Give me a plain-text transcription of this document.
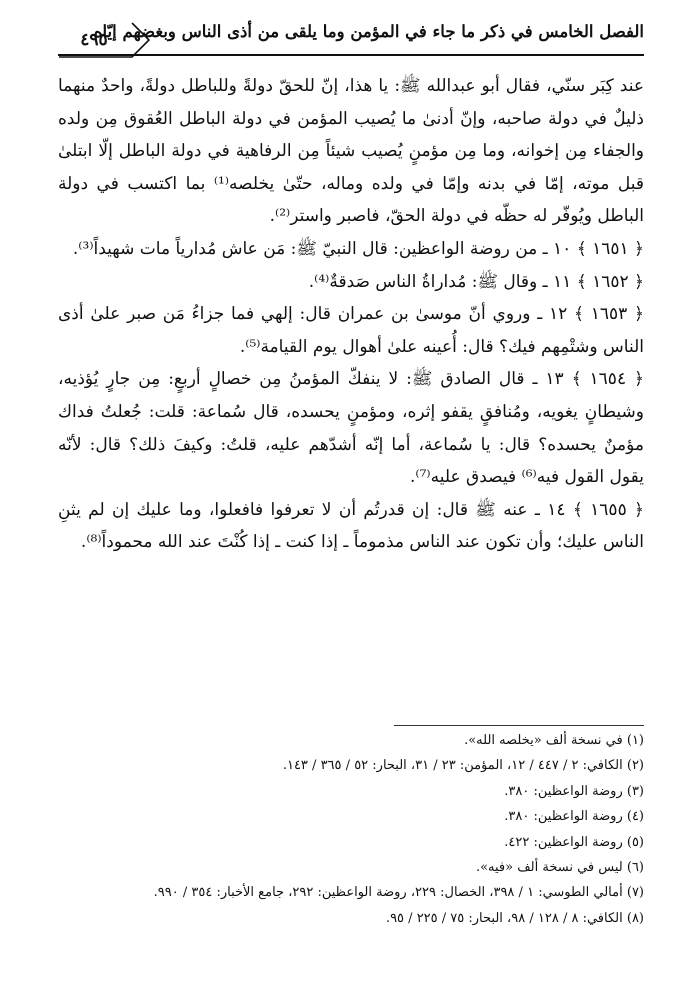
٤٩٥
الفصل الخامس في ذكر ما جاء في المؤمن وما يلقى من أذى الناس وبغضهم إيّاه

عند كِبَر سنّي، فقال أبو عبدالله ﷺ: يا هذا، إنّ للحقّ دولةً وللباطل دولةً، واحدٌ منهما ذليلٌ في دولة صاحبه، وإنّ أدنىٰ ما يُصيب المؤمن في دولة الباطل العُقوق مِن ولده والجفاء مِن إخوانه، وما مِن مؤمنٍ يُصيب شيئاً مِن الرفاهية في دولة الباطل إلّا ابتلىٰ قبل موته، إمّا في بدنه وإمّا في ولده وماله، حتّىٰ يخلصه⁽¹⁾ بما اكتسب في دولة الباطل ويُوفّر له حظّه في دولة الحقّ، فاصبر واستر⁽²⁾.

﴿ ١٦٥١ ﴾ ١٠ ـ من روضة الواعظين: قال النبيّ ﷺ: مَن عاش مُدارياً مات شهيداً⁽³⁾.

﴿ ١٦٥٢ ﴾ ١١ ـ وقال ﷺ: مُداراةُ الناس صَدقةٌ⁽⁴⁾.

﴿ ١٦٥٣ ﴾ ١٢ ـ وروي أنّ موسىٰ بن عمران قال: إلهي فما جزاءُ مَن صبر علىٰ أذى الناس وشتْمِهم فيك؟ قال: أُعينه علىٰ أهوال يوم القيامة⁽⁵⁾.

﴿ ١٦٥٤ ﴾ ١٣ ـ قال الصادق ﷺ: لا ينفكّ المؤمنُ مِن خصالٍ أربعٍ: مِن جارٍ يُؤذيه، وشيطانٍ يغويه، ومُنافقٍ يقفو إثره، ومؤمنٍ يحسده، قال سُماعة: قلت: جُعلتُ فداك مؤمنٌ يحسده؟ قال: يا سُماعة، أما إنّه أشدّهم عليه، قلتُ: وكيفَ ذلك؟ قال: لأنّه يقول القول فيه⁽⁶⁾ فيصدق عليه⁽⁷⁾.

﴿ ١٦٥٥ ﴾ ١٤ ـ عنه ﷺ قال: إن قدرتُم أن لا تعرفوا فافعلوا، وما عليك إن لم يثنِ الناس عليك؛ وأن تكون عند الناس مذموماً ـ إذا كنت ـ إذا كُنْتَ عند الله محموداً⁽⁸⁾.

(١) في نسخة ألف «يخلصه الله».

(٢) الكافي: ٢ / ٤٤٧ / ١٢، المؤمن: ٢٣ / ٣١، البحار: ٥٢ / ٣٦٥ / ١٤٣.

(٣) روضة الواعظين: ٣٨٠.

(٤) روضة الواعظين: ٣٨٠.

(٥) روضة الواعظين: ٤٢٢.

(٦) ليس في نسخة ألف «فيه».

(٧) أمالي الطوسي: ١ / ٣٩٨، الخصال: ٢٢٩، روضة الواعظين: ٢٩٢، جامع الأخبار: ٣٥٤ / ٩٩٠.

(٨) الكافي: ٨ / ١٢٨ / ٩٨، البحار: ٧٥ / ٢٢٥ / ٩٥.
